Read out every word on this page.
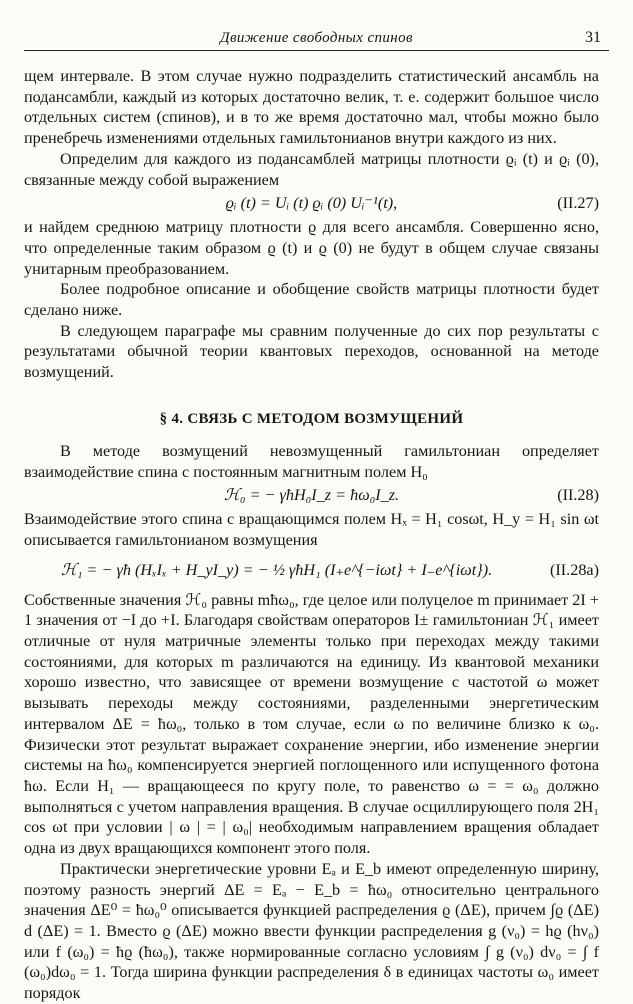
Движение свободных спинов	31

щем интервале. В этом случае нужно подразделить статистический ансамбль на подансамбли, каждый из которых достаточно велик, т. е. содержит большое число отдельных систем (спинов), и в то же время достаточно мал, чтобы можно было пренебречь изменениями отдельных гамильтонианов внутри каждого из них.

Определим для каждого из подансамблей матрицы плотности ϱᵢ (t) и ϱᵢ (0), связанные между собой выражением

ϱᵢ (t) = Uᵢ (t) ϱᵢ (0) Uᵢ⁻¹(t),	(II.27)

и найдем среднюю матрицу плотности ϱ для всего ансамбля. Совершенно ясно, что определенные таким образом ϱ (t) и ϱ (0) не будут в общем случае связаны унитарным преобразованием.

Более подробное описание и обобщение свойств матрицы плотности будет сделано ниже.

В следующем параграфе мы сравним полученные до сих пор результаты с результатами обычной теории квантовых переходов, основанной на методе возмущений.

§ 4. СВЯЗЬ С МЕТОДОМ ВОЗМУЩЕНИЙ

В методе возмущений невозмущенный гамильтониан определяет взаимодействие спина с постоянным магнитным полем H₀

ℋ₀ = − γħH₀I_z = ħω₀I_z.	(II.28)

Взаимодействие этого спина с вращающимся полем Hₓ = H₁ cosωt, H_y = H₁ sin ωt описывается гамильтонианом возмущения

ℋ₁ = − γħ (HₓIₓ + H_yI_y) = − ½ γħH₁ (I₊e^{−iωt} + I₋e^{iωt}).	(II.28a)

Собственные значения ℋ₀ равны mħω₀, где целое или полуцелое m принимает 2I + 1 значения от −I до +I. Благодаря свойствам операторов I± гамильтониан ℋ₁ имеет отличные от нуля матричные элементы только при переходах между такими состояниями, для которых m различаются на единицу. Из квантовой механики хорошо известно, что зависящее от времени возмущение с частотой ω может вызывать переходы между состояниями, разделенными энергетическим интервалом ΔE = ħω₀, только в том случае, если ω по величине близко к ω₀. Физически этот результат выражает сохранение энергии, ибо изменение энергии системы на ħω₀ компенсируется энергией поглощенного или испущенного фотона ħω. Если H₁ — вращающееся по кругу поле, то равенство ω = = ω₀ должно выполняться с учетом направления вращения. В случае осциллирующего поля 2H₁ cos ωt при условии | ω | = | ω₀| необходимым направлением вращения обладает одна из двух вращающихся компонент этого поля.

Практически энергетические уровни Eₐ и E_b имеют определенную ширину, поэтому разность энергий ΔE = Eₐ − E_b = ħω₀ относительно центрального значения ΔE⁰ = ħω₀⁰ описывается функцией распределения ϱ (ΔE), причем ∫ϱ (ΔE) d (ΔE) = 1. Вместо ϱ (ΔE) можно ввести функции распределения g (ν₀) = hϱ (hν₀) или f (ω₀) = ħϱ (ħω₀), также нормированные согласно условиям ∫ g (ν₀) dν₀ = ∫ f (ω₀)dω₀ = 1. Тогда ширина функции распределения δ в единицах частоты ω₀ имеет порядок
